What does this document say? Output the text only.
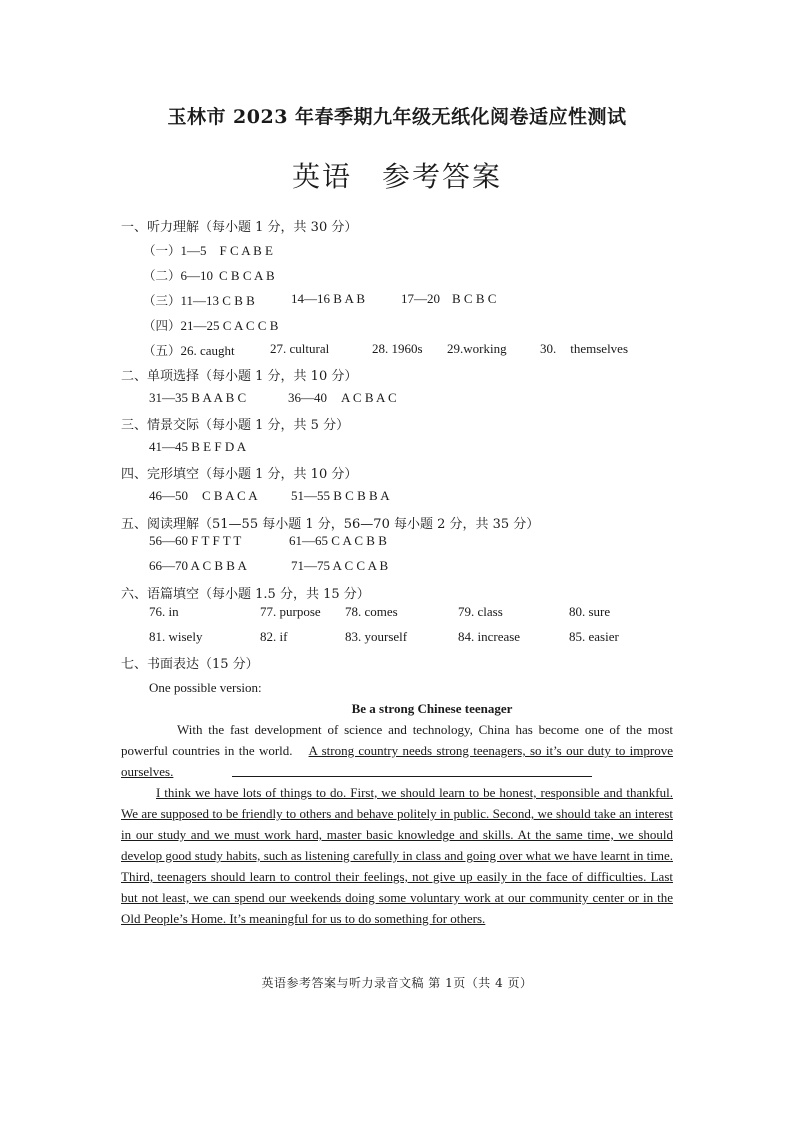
玉林市 2023 年春季期九年级无纸化阅卷适应性测试
英语 参考答案
一、听力理解（每小题 1 分，共 30 分）
（一）1—5 F C A B E
（二）6—10 C B C A B
（三）11—13 C B B	14—16 B A B	17—20 B C B C
（四）21—25 C A C C B
（五）26. caught	27. cultural	28. 1960s 29.working	30. themselves
二、单项选择（每小题 1 分，共 10 分）
31—35 B A A B C	36—40 A C B A C
三、情景交际（每小题 1 分，共 5 分）
41—45 B E F D A
四、完形填空（每小题 1 分，共 10 分）
46—50 C B A C A	51—55 B C B B A
五、阅读理解（51—55 每小题 1 分，56—70 每小题 2 分，共 35 分）
56—60 F T F T T	61—65 C A C B B
66—70 A C B B A	71—75 A C C A B
六、语篇填空（每小题 1.5 分，共 15 分）
76. in	77. purpose 78. comes	79. class	80. sure
81. wisely	82. if	83. yourself	84. increase	85. easier
七、书面表达（15 分）
One possible version:
Be a strong Chinese teenager
With the fast development of science and technology, China has become one of the most powerful countries in the world. A strong country needs strong teenagers, so it’s our duty to improve ourselves.
I think we have lots of things to do. First, we should learn to be honest, responsible and thankful. We are supposed to be friendly to others and behave politely in public. Second, we should take an interest in our study and we must work hard, master basic knowledge and skills. At the same time, we should develop good study habits, such as listening carefully in class and going over what we have learnt in time. Third, teenagers should learn to control their feelings, not give up easily in the face of difficulties. Last but not least, we can spend our weekends doing some voluntary work at our community center or in the Old People’s Home. It’s meaningful for us to do something for others.
英语参考答案与听力录音文稿 第 1页（共 4 页）
